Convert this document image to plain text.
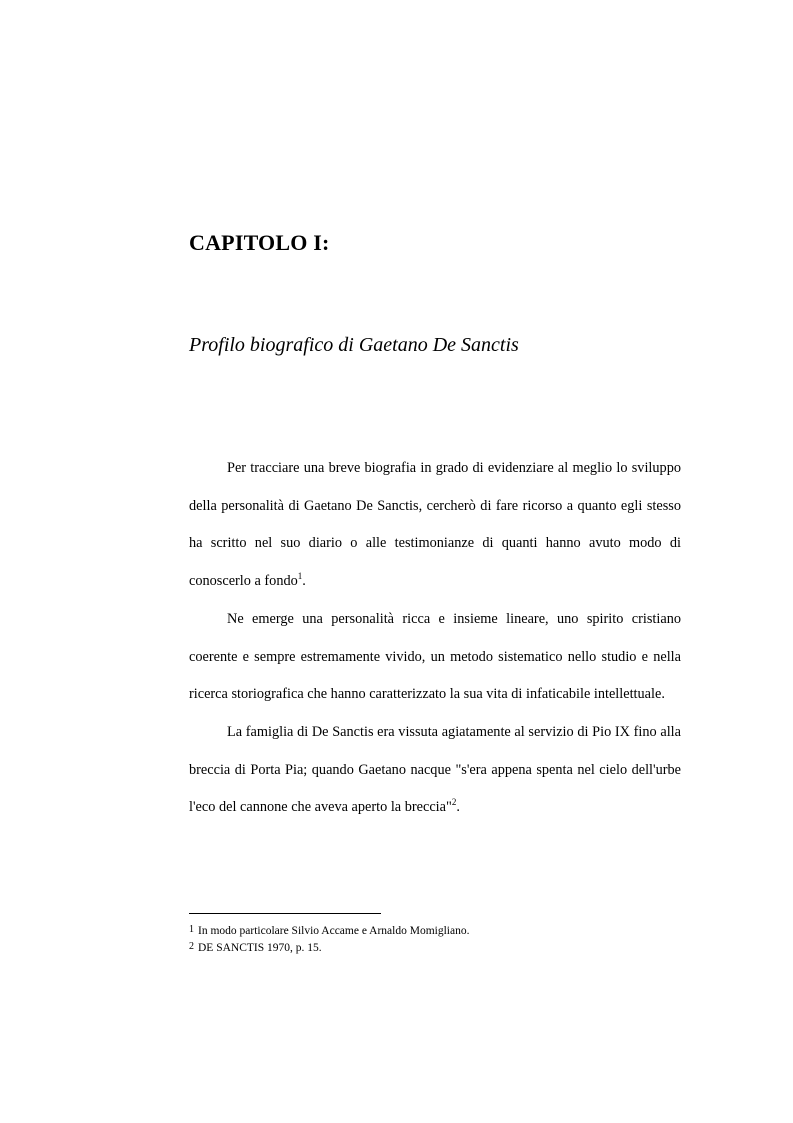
CAPITOLO I:
Profilo biografico di Gaetano De Sanctis

Per tracciare una breve biografia in grado di evidenziare al meglio lo sviluppo della personalità di Gaetano De Sanctis, cercherò di fare ricorso a quanto egli stesso ha scritto nel suo diario o alle testimonianze di quanti hanno avuto modo di conoscerlo a fondo$^1$.

Ne emerge una personalità ricca e insieme lineare, uno spirito cristiano coerente e sempre estremamente vivido, un metodo sistematico nello studio e nella ricerca storiografica che hanno caratterizzato la sua vita di infaticabile intellettuale.

La famiglia di De Sanctis era vissuta agiatamente al servizio di Pio IX fino alla breccia di Porta Pia; quando Gaetano nacque "s'era appena spenta nel cielo dell'urbe l'eco del cannone che aveva aperto la breccia"$^2$.

1 In modo particolare Silvio Accame e Arnaldo Momigliano.

2 DE SANCTIS 1970, p. 15.
